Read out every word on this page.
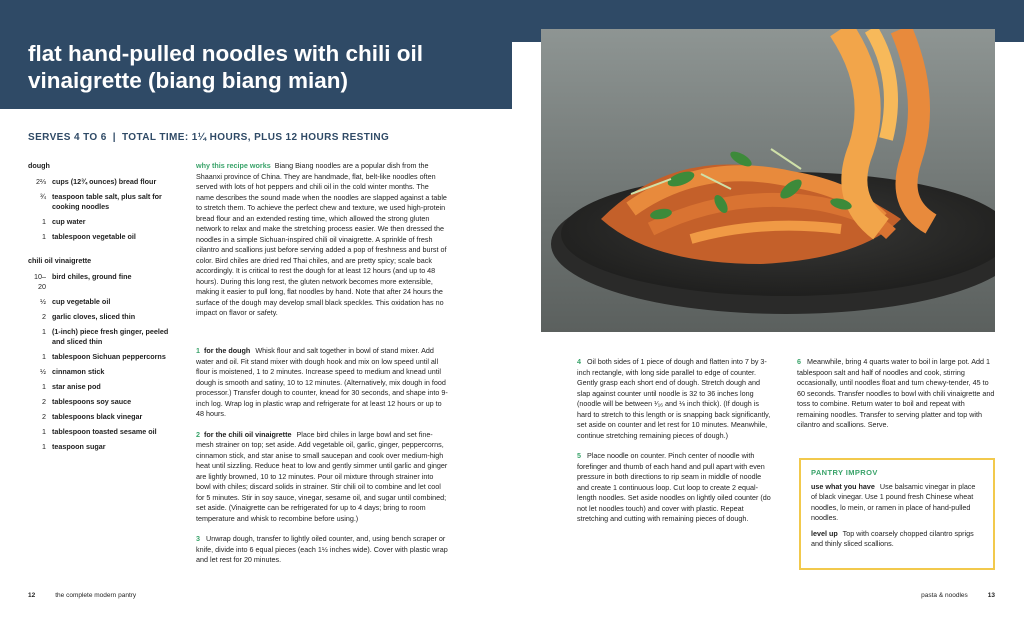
flat hand-pulled noodles with chili oil vinaigrette (biang biang mian)
SERVES 4 TO 6 | TOTAL TIME: 1¼ HOURS, PLUS 12 HOURS RESTING
dough
2⅔ cups (12¾ ounces) bread flour
¾ teaspoon table salt, plus salt for cooking noodles
1 cup water
1 tablespoon vegetable oil
chili oil vinaigrette
10–20
bird chiles, ground fine
½ cup vegetable oil
2 garlic cloves, sliced thin
1 (1-inch) piece fresh ginger, peeled and sliced thin
1 tablespoon Sichuan peppercorns
½ cinnamon stick
1 star anise pod
2 tablespoons soy sauce
2 tablespoons black vinegar
1 tablespoon toasted sesame oil
1 teaspoon sugar

why this recipe works Biang Biang noodles are a popular dish from the Shaanxi province of China. They are handmade, flat, belt-like noodles often served with lots of hot peppers and chili oil in the cold winter months. The name describes the sound made when the noodles are slapped against a table to stretch them. To achieve the perfect chew and texture, we used high-protein bread flour and an extended resting time, which allowed the strong gluten network to relax and make the stretching process easier. We then dressed the noodles in a simple Sichuan-inspired chili oil vinaigrette. A sprinkle of fresh cilantro and scallions just before serving added a pop of freshness and burst of color. Bird chiles are dried red Thai chiles, and are pretty spicy; scale back accordingly. It is critical to rest the dough for at least 12 hours (and up to 48 hours). During this long rest, the gluten network becomes more extensible, making it easier to pull long, flat noodles by hand. Note that after 24 hours the surface of the dough may develop small black speckles. This oxidation has no impact on flavor or safety.

1 for the dough Whisk flour and salt together in bowl of stand mixer. Add water and oil. Fit stand mixer with dough hook and mix on low speed until all flour is moistened, 1 to 2 minutes. Increase speed to medium and knead until dough is smooth and satiny, 10 to 12 minutes. (Alternatively, mix dough in food processor.) Transfer dough to counter, knead for 30 seconds, and shape into 9-inch log. Wrap log in plastic wrap and refrigerate for at least 12 hours or up to 48 hours.

2 for the chili oil vinaigrette Place bird chiles in large bowl and set fine-mesh strainer on top; set aside. Add vegetable oil, garlic, ginger, peppercorns, cinnamon stick, and star anise to small saucepan and cook over medium-high heat until sizzling. Reduce heat to low and gently simmer until garlic and ginger are lightly browned, 10 to 12 minutes. Pour oil mixture through strainer into bowl with chiles; discard solids in strainer. Stir chili oil to combine and let cool for 5 minutes. Stir in soy sauce, vinegar, sesame oil, and sugar until combined; set aside. (Vinaigrette can be refrigerated for up to 4 days; bring to room temperature and whisk to recombine before using.)

3 Unwrap dough, transfer to lightly oiled counter, and, using bench scraper or knife, divide into 6 equal pieces (each 1½ inches wide). Cover with plastic wrap and let rest for 20 minutes.

4 Oil both sides of 1 piece of dough and flatten into 7 by 3-inch rectangle, with long side parallel to edge of counter. Gently grasp each short end of dough. Stretch dough and slap against counter until noodle is 32 to 36 inches long (noodle will be between ¹⁄₁₆ and ⅛ inch thick). (If dough is hard to stretch to this length or is snapping back significantly, set aside on counter and let rest for 10 minutes. Meanwhile, continue stretching remaining pieces of dough.)

5 Place noodle on counter. Pinch center of noodle with forefinger and thumb of each hand and pull apart with even pressure in both directions to rip seam in middle of noodle and create 1 continuous loop. Cut loop to create 2 equal-length noodles. Set aside noodles on lightly oiled counter (do not let noodles touch) and cover with plastic. Repeat stretching and cutting with remaining pieces of dough.

6 Meanwhile, bring 4 quarts water to boil in large pot. Add 1 tablespoon salt and half of noodles and cook, stirring occasionally, until noodles float and turn chewy-tender, 45 to 60 seconds. Transfer noodles to bowl with chili vinaigrette and toss to combine. Return water to boil and repeat with remaining noodles. Transfer to serving platter and top with cilantro and scallions. Serve.

PANTRY IMPROV

use what you have Use balsamic vinegar in place of black vinegar. Use 1 pound fresh Chinese wheat noodles, lo mein, or ramen in place of hand-pulled noodles.

level up Top with coarsely chopped cilantro sprigs and thinly sliced scallions.

12	the complete modern pantry	pasta & noodles	13
